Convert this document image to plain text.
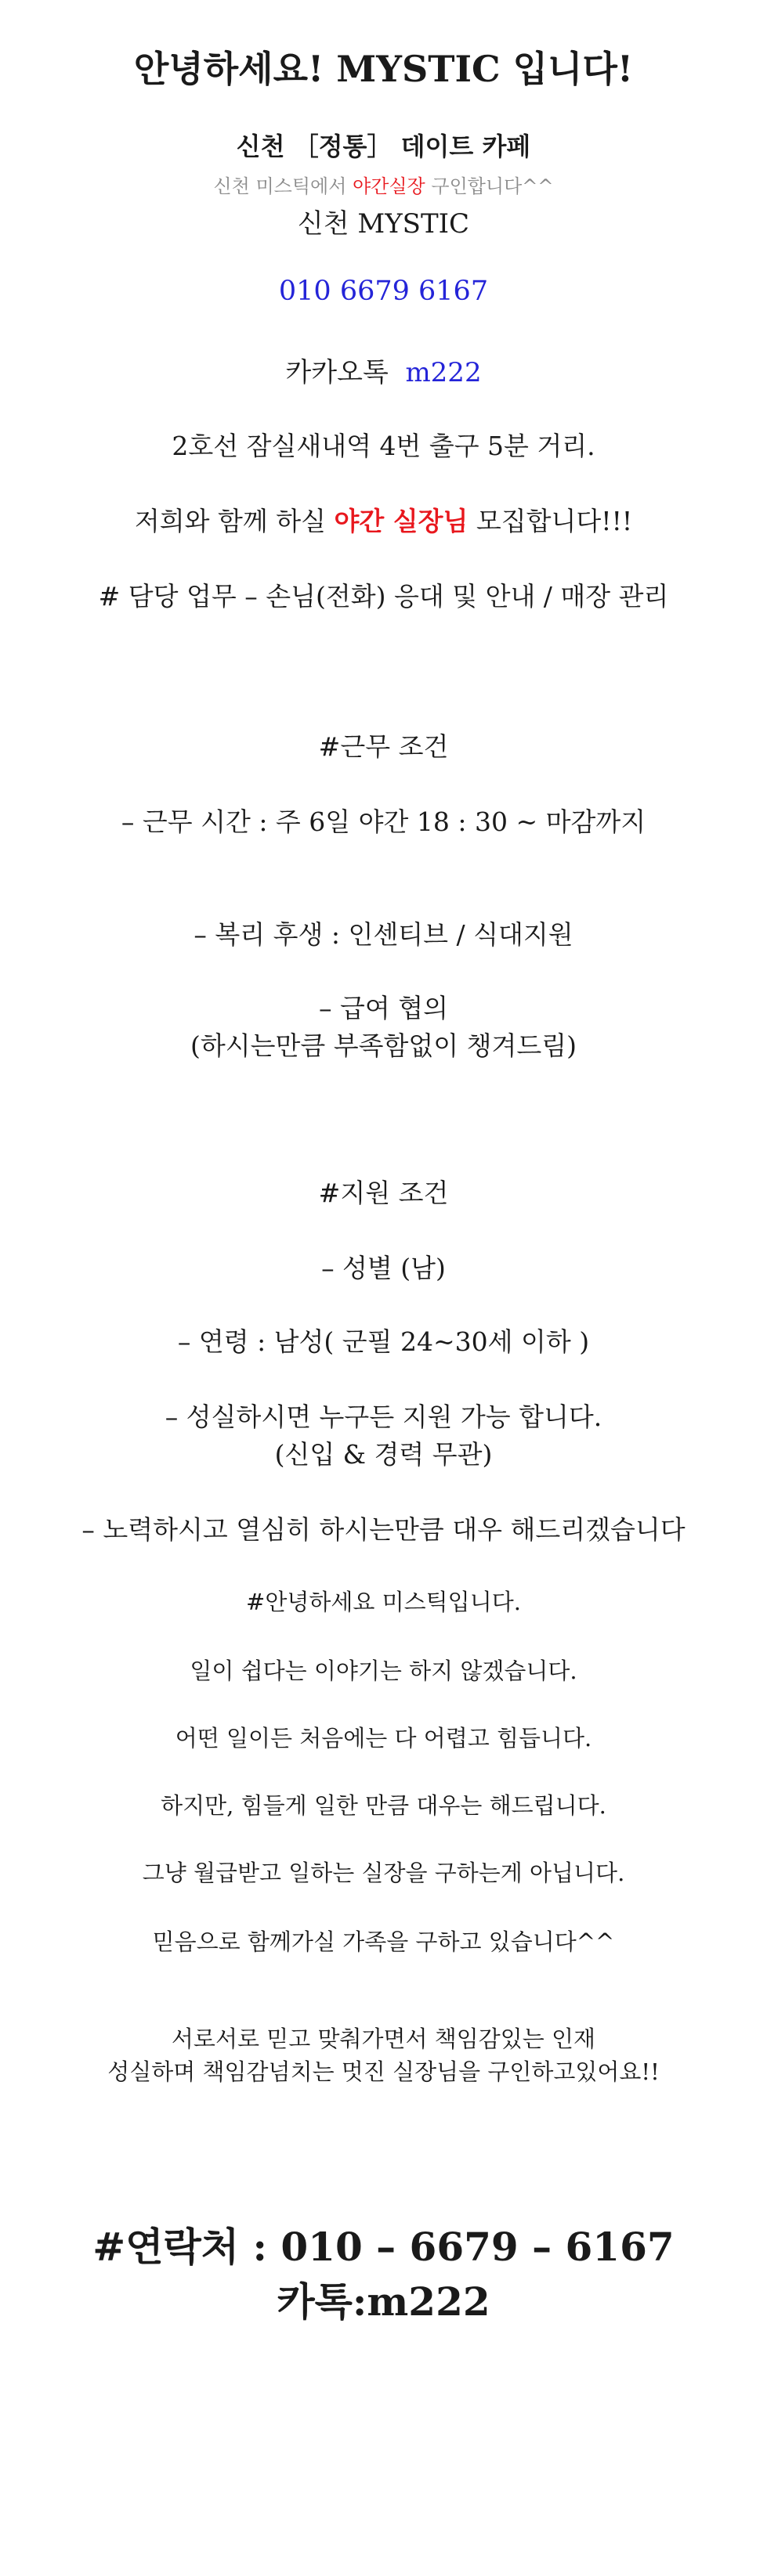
안녕하세요! MYSTIC 입니다!
신천 ［정통］ 데이트 카페
신천 미스틱에서 야간실장 구인합니다^^
신천 MYSTIC
010 6679 6167
카카오톡 m222
2호선 잠실새내역 4번 출구 5분 거리.
저희와 함께 하실 야간 실장님 모집합니다!!!
# 담당 업무 – 손님(전화) 응대 및 안내 / 매장 관리
#근무 조건
– 근무 시간 : 주 6일 야간 18 : 30 ~ 마감까지
– 복리 후생 : 인센티브 / 식대지원
– 급여 협의
(하시는만큼 부족함없이 챙겨드림)
#지원 조건
– 성별 (남)
– 연령 : 남성( 군필 24~30세 이하 )
– 성실하시면 누구든 지원 가능 합니다.
(신입 & 경력 무관)
– 노력하시고 열심히 하시는만큼 대우 해드리겠습니다
#안녕하세요 미스틱입니다.
일이 쉽다는 이야기는 하지 않겠습니다.
어떤 일이든 처음에는 다 어렵고 힘듭니다.
하지만, 힘들게 일한 만큼 대우는 해드립니다.
그냥 월급받고 일하는 실장을 구하는게 아닙니다.
믿음으로 함께가실 가족을 구하고 있습니다^^
서로서로 믿고 맞춰가면서 책임감있는 인재
성실하며 책임감넘치는 멋진 실장님을 구인하고있어요!!
#연락처 : 010 – 6679 – 6167
카톡:m222
